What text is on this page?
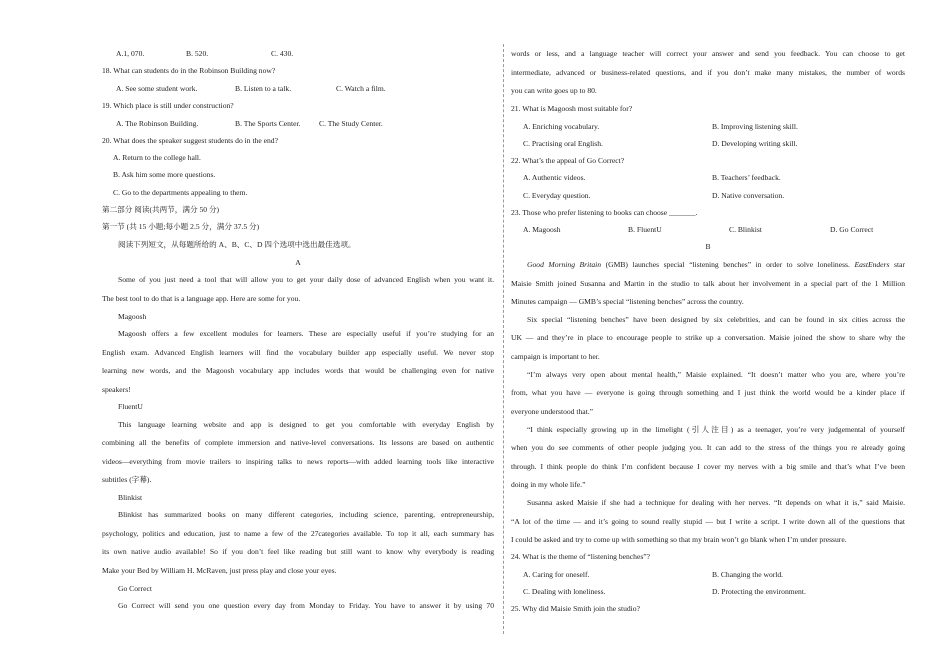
A.1, 070.	B. 520.	C. 430.
18. What can students do in the Robinson Building now?
A. See some student work.	B. Listen to a talk.	C. Watch a film.
19. Which place is still under construction?
A. The Robinson Building.	B. The Sports Center. C. The Study Center.
20. What does the speaker suggest students do in the end?
A. Return to the college hall.
B. Ask him some more questions.
C. Go to the departments appealing to them.
第二部分 阅读(共两节，满分 50 分)
第一节 (共 15 小题;每小题 2.5 分，满分 37.5 分)
阅读下列短文，从每题所给的 A、B、C、D 四个选项中选出最佳选项。
A
Some of you just need a tool that will allow you to get your daily dose of advanced English when you want it.
The best tool to do that is a language app. Here are some for you.
Magoosh
Magoosh offers a few excellent modules for learners. These are especially useful if you’re studying for an
English exam. Advanced English learners will find the vocabulary builder app especially useful. We never stop
learning new words, and the Magoosh vocabulary app includes words that would be challenging even for native
speakers!
FluentU
This language learning website and app is designed to get you comfortable with everyday English by
combining all the benefits of complete immersion and native-level conversations. Its lessons are based on authentic
videos—everything from movie trailers to inspiring talks to news reports—with added learning tools like interactive
subtitles (字幕).
Blinkist
Blinkist has summarized books on many different categories, including science, parenting, entrepreneurship,
psychology, politics and education, just to name a few of the 27categories available. To top it all, each summary has
its own native audio available! So if you don’t feel like reading but still want to know why everybody is reading
Make your Bed by William H. McRaven, just press play and close your eyes.
Go Correct
Go Correct will send you one question every day from Monday to Friday. You have to answer it by using 70
words or less, and a language teacher will correct your answer and send you feedback. You can choose to get
intermediate, advanced or business-related questions, and if you don’t make many mistakes, the number of words
you can write goes up to 80.
21. What is Magoosh most suitable for?
A. Enriching vocabulary.	B. Improving listening skill.
C. Practising oral English.	D. Developing writing skill.
22. What’s the appeal of Go Correct?
A. Authentic videos.	B. Teachers’ feedback.
C. Everyday question.	D. Native conversation.
23. Those who prefer listening to books can choose _______.
A. Magoosh	B. FluentU	C. Blinkist	D. Go Correct
B
Good Morning Britain (GMB) launches special “listening benches” in order to solve loneliness. EastEnders star
Maisie Smith joined Susanna and Martin in the studio to talk about her involvement in a special part of the 1 Million
Minutes campaign — GMB’s special “listening benches” across the country.
Six special “listening benches” have been designed by six celebrities, and can be found in six cities across the
UK — and they’re in place to encourage people to strike up a conversation. Maisie joined the show to share why the
campaign is important to her.
“I’m always very open about mental health,” Maisie explained. “It doesn’t matter who you are, where you’re
from, what you have — everyone is going through something and I just think the world would be a kinder place if
everyone understood that.”
“I think especially growing up in the limelight (引人注目) as a teenager, you’re very judgemental of yourself
when you do see comments of other people judging you. It can add to the stress of the things you re already going
through. I think people do think I’m confident because I cover my nerves with a big smile and that’s what I’ve been
doing in my whole life.”
Susanna asked Maisie if she had a technique for dealing with her nerves. “It depends on what it is,” said Maisie.
“A lot of the time — and it’s going to sound really stupid — but I write a script. I write down all of the questions that
I could be asked and try to come up with something so that my brain won’t go blank when I’m under pressure.
24. What is the theme of “listening benches”?
A. Caring for oneself.	B. Changing the world.
C. Dealing with loneliness.	D. Protecting the environment.
25. Why did Maisie Smith join the studio?
